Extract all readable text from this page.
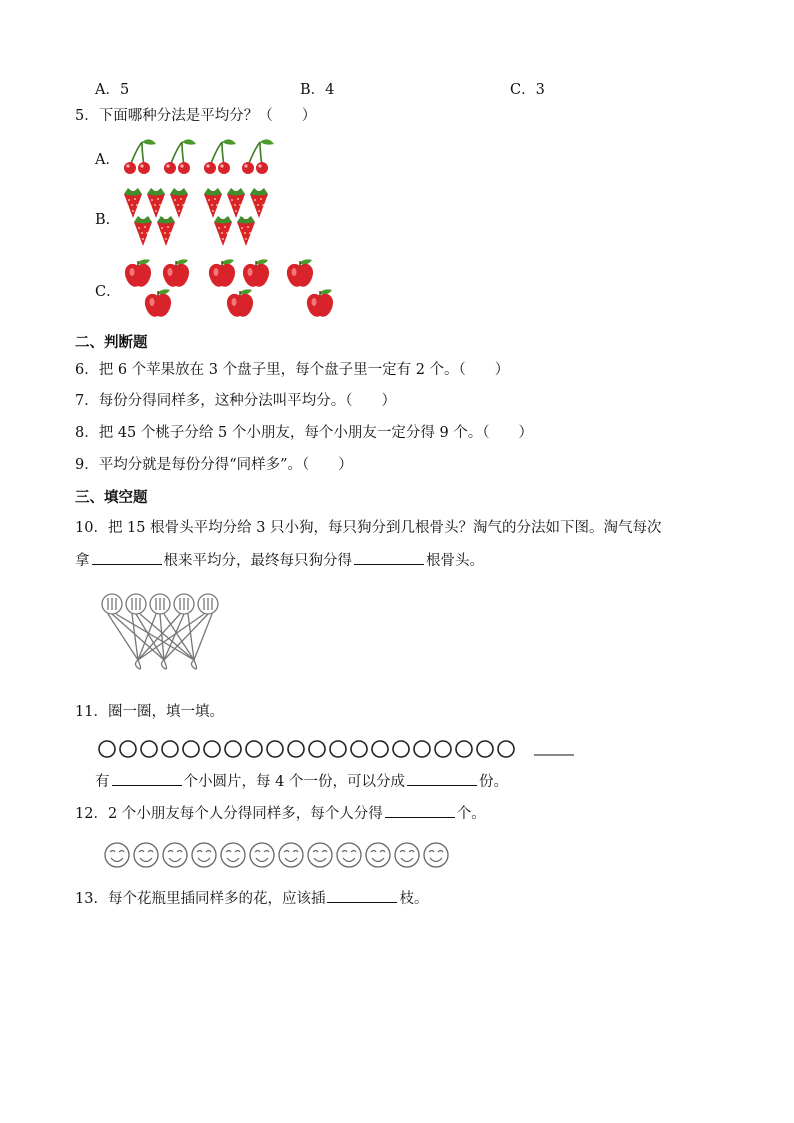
A．5	B．4	C．3
5．下面哪种分法是平均分？（　　）
A．
B．
C．
二、判断题
6．把 6 个苹果放在 3 个盘子里，每个盘子里一定有 2 个。（　　）
7．每份分得同样多，这种分法叫平均分。（　　）
8．把 45 个桃子分给 5 个小朋友，每个小朋友一定分得 9 个。（　　）
9．平均分就是每份分得“同样多”。（　　）
三、填空题
10．把 15 根骨头平均分给 3 只小狗，每只狗分到几根骨头？淘气的分法如下图。淘气每次
拿	根来平均分，最终每只狗分得	根骨头。
11．圈一圈，填一填。
有	个小圆片，每 4 个一份，可以分成	份。
12．2 个小朋友每个人分得同样多，每个人分得	个。
13．每个花瓶里插同样多的花，应该插	枝。
